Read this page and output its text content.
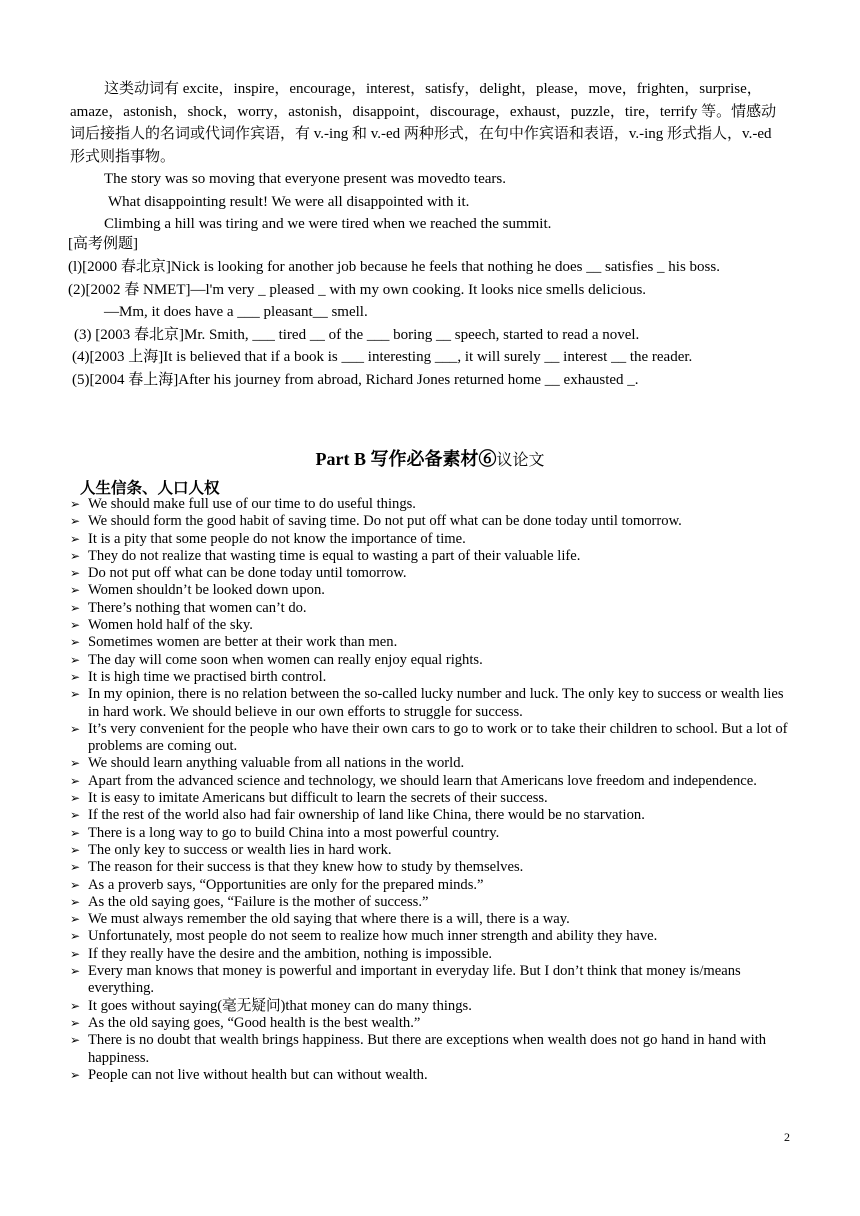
这类动词有 excite，inspire，encourage，interest，satisfy，delight，please，move，frighten，surprise，amaze，astonish，shock，worry，astonish，disappoint，discourage，exhaust，puzzle，tire，terrify 等。情感动词后接指人的名词或代词作宾语，有 v.-ing 和 v.-ed 两种形式，在句中作宾语和表语，v.-ing 形式指人，v.-ed 形式则指事物。

The story was so moving that everyone present was movedto tears.

What disappointing result! We were all disappointed with it.

Climbing a hill was tiring and we were tired when we reached the summit.

[高考例题]

(l)[2000 春北京]Nick is looking for another job because he feels that nothing he does __ satisfies _ his boss.

(2)[2002 春 NMET]—l'm very _ pleased _ with my own cooking. It looks nice smells delicious.

—Mm, it does have a ___ pleasant__ smell.

(3) [2003 春北京]Mr. Smith, ___ tired __ of the ___ boring __ speech, started to read a novel.

(4)[2003 上海]It is believed that if a book is ___ interesting ___, it will surely __ interest __ the reader.

(5)[2004 春上海]After his journey from abroad, Richard Jones returned home __ exhausted _.

Part B 写作必备素材⑥议论文
人生信条、人口人权
➢ We should make full use of our time to do useful things.
➢ We should form the good habit of saving time. Do not put off what can be done today until tomorrow.
➢ It is a pity that some people do not know the importance of time.
➢ They do not realize that wasting time is equal to wasting a part of their valuable life.
➢ Do not put off what can be done today until tomorrow.
➢ Women shouldn’t be looked down upon.
➢ There’s nothing that women can’t do.
➢ Women hold half of the sky.
➢ Sometimes women are better at their work than men.
➢ The day will come soon when women can really enjoy equal rights.
➢ It is high time we practised birth control.
➢ In my opinion, there is no relation between the so-called lucky number and luck. The only key to success or wealth lies in hard work. We should believe in our own efforts to struggle for success.
➢ It’s very convenient for the people who have their own cars to go to work or to take their children to school. But a lot of problems are coming out.
➢ We should learn anything valuable from all nations in the world.
➢ Apart from the advanced science and technology, we should learn that Americans love freedom and independence.
➢ It is easy to imitate Americans but difficult to learn the secrets of their success.
➢ If the rest of the world also had fair ownership of land like China, there would be no starvation.
➢ There is a long way to go to build China into a most powerful country.
➢ The only key to success or wealth lies in hard work.
➢ The reason for their success is that they knew how to study by themselves.
➢ As a proverb says, “Opportunities are only for the prepared minds.”
➢ As the old saying goes, “Failure is the mother of success.”
➢ We must always remember the old saying that where there is a will, there is a way.
➢ Unfortunately, most people do not seem to realize how much inner strength and ability they have.
➢ If they really have the desire and the ambition, nothing is impossible.
➢ Every man knows that money is powerful and important in everyday life. But I don’t think that money is/means everything.
➢ It goes without saying(毫无疑问)that money can do many things.
➢ As the old saying goes, “Good health is the best wealth.”
➢ There is no doubt that wealth brings happiness. But there are exceptions when wealth does not go hand in hand with happiness.
➢ People can not live without health but can without wealth.
2
